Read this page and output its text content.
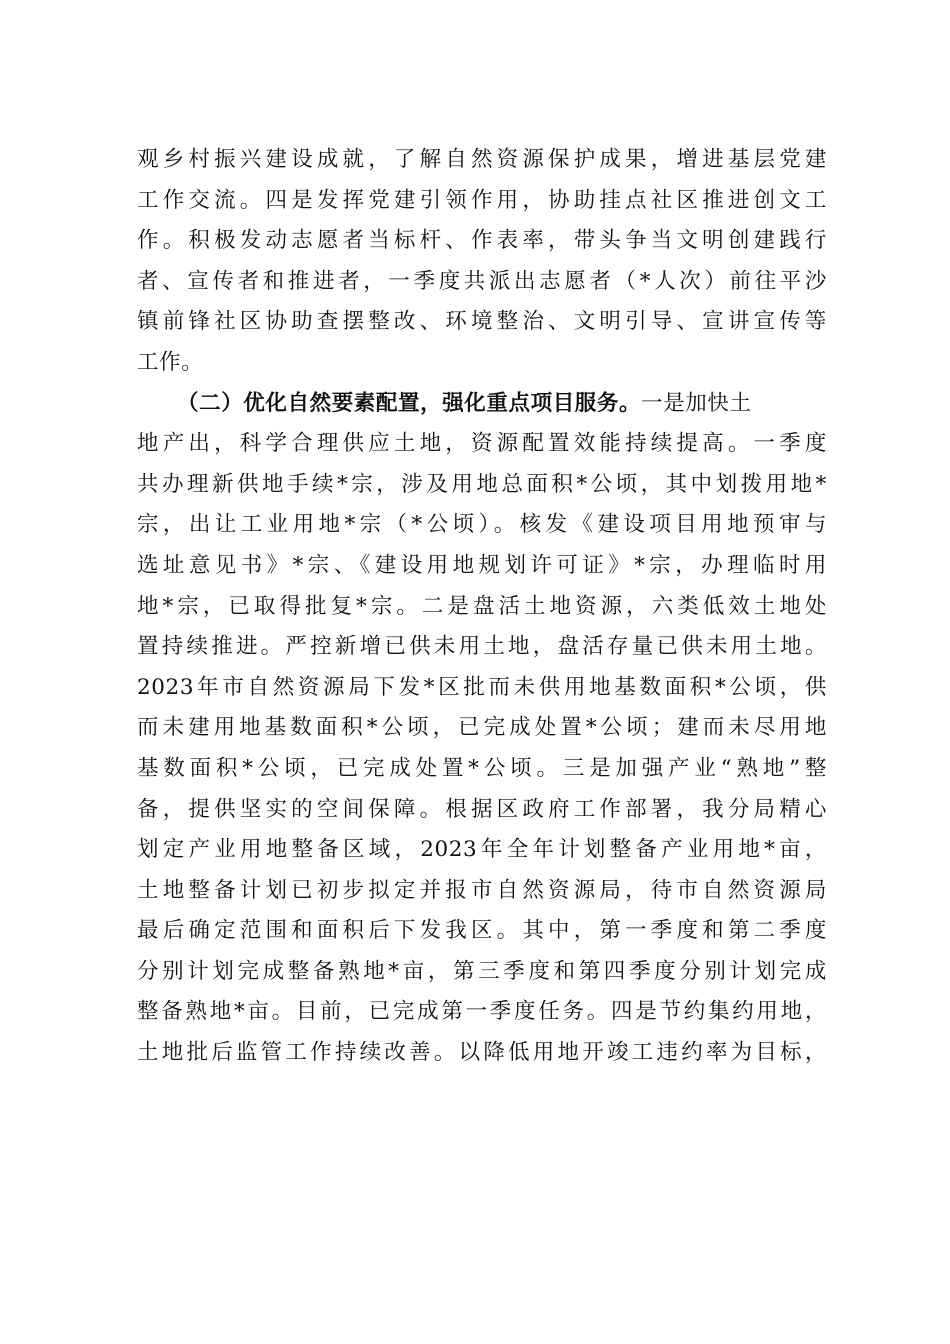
观乡村振兴建设成就，了解自然资源保护成果，增进基层党建
工作交流。四是发挥党建引领作用，协助挂点社区推进创文工
作。积极发动志愿者当标杆、作表率，带头争当文明创建践行
者、宣传者和推进者，一季度共派出志愿者（*人次）前往平沙
镇前锋社区协助查摆整改、环境整治、文明引导、宣讲宣传等
工作。
（二）优化自然要素配置，强化重点项目服务。一是加快土
地产出，科学合理供应土地，资源配置效能持续提高。一季度
共办理新供地手续*宗，涉及用地总面积*公顷，其中划拨用地*
宗，出让工业用地*宗（*公顷）。核发《建设项目用地预审与
选址意见书》*宗、《建设用地规划许可证》*宗，办理临时用
地*宗，已取得批复*宗。二是盘活土地资源，六类低效土地处
置持续推进。严控新增已供未用土地，盘活存量已供未用土地。
2023年市自然资源局下发*区批而未供用地基数面积*公顷，供
而未建用地基数面积*公顷，已完成处置*公顷；建而未尽用地
基数面积*公顷，已完成处置*公顷。三是加强产业“熟地”整
备，提供坚实的空间保障。根据区政府工作部署，我分局精心
划定产业用地整备区域，2023年全年计划整备产业用地*亩，
土地整备计划已初步拟定并报市自然资源局，待市自然资源局
最后确定范围和面积后下发我区。其中，第一季度和第二季度
分别计划完成整备熟地*亩，第三季度和第四季度分别计划完成
整备熟地*亩。目前，已完成第一季度任务。四是节约集约用地，
土地批后监管工作持续改善。以降低用地开竣工违约率为目标，
